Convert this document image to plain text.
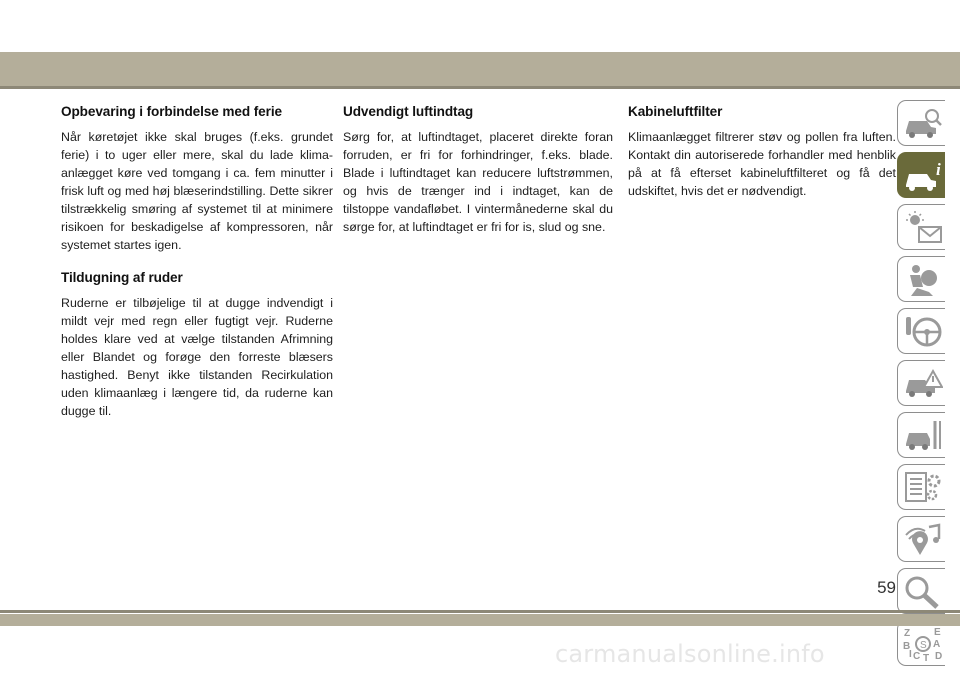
Opbevaring i forbindelse med ferie

Når køretøjet ikke skal bruges (f.eks. grundet ferie) i to uger eller mere, skal du lade klimaanlægget køre ved tomgang i ca. fem minutter i frisk luft og med høj blæserindstilling. Dette sikrer tilstrækkelig smøring af systemet til at minimere risikoen for beskadigelse af kompressoren, når systemet startes igen.

Tildugning af ruder

Ruderne er tilbøjelige til at dugge indvendigt i mildt vejr med regn eller fugtigt vejr. Ruderne holdes klare ved at vælge tilstanden Afrimning eller Blandet og forøge den forreste blæsers hastighed. Benyt ikke tilstanden Recirkulation uden klimaanlæg i længere tid, da ruderne kan dugge til.

Udvendigt luftindtag

Sørg for, at luftindtaget, placeret direkte foran forruden, er fri for forhindringer, f.eks. blade. Blade i luftindtaget kan reducere luftstrømmen, og hvis de trænger ind i indtaget, kan de tilstoppe vandafløbet. I vintermånederne skal du sørge for, at luftindtaget er fri for is, slud og sne.

Kabineluftfilter

Klimaanlægget filtrerer støv og pollen fra luften. Kontakt din autoriserede forhandler med henblik på at få efterset kabineluftfilteret og få det udskiftet, hvis det er nødvendigt.

i
S
Z E
B A
C D
I T
59
carmanualsonline.info
